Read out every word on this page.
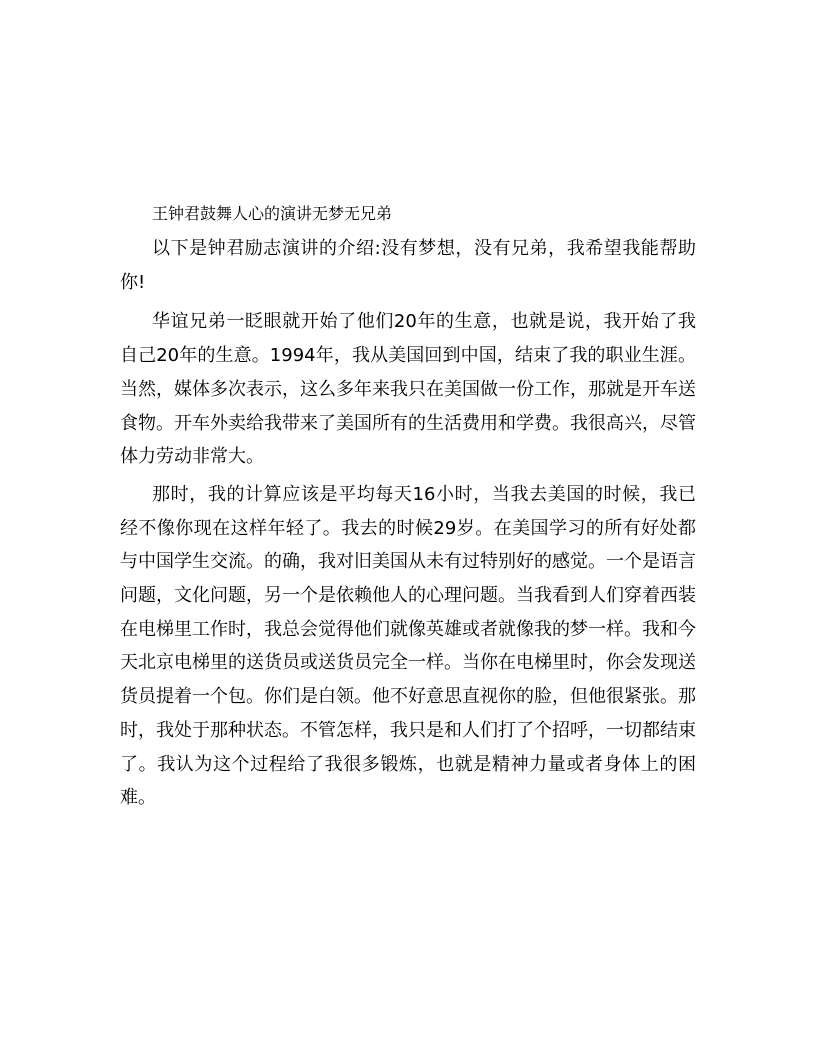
王钟君鼓舞人心的演讲无梦无兄弟

以下是钟君励志演讲的介绍:没有梦想，没有兄弟，我希望我能帮助你!

华谊兄弟一眨眼就开始了他们20年的生意，也就是说，我开始了我自己20年的生意。1994年，我从美国回到中国，结束了我的职业生涯。当然，媒体多次表示，这么多年来我只在美国做一份工作，那就是开车送食物。开车外卖给我带来了美国所有的生活费用和学费。我很高兴，尽管体力劳动非常大。

那时，我的计算应该是平均每天16小时，当我去美国的时候，我已经不像你现在这样年轻了。我去的时候29岁。在美国学习的所有好处都与中国学生交流。的确，我对旧美国从未有过特别好的感觉。一个是语言问题，文化问题，另一个是依赖他人的心理问题。当我看到人们穿着西装在电梯里工作时，我总会觉得他们就像英雄或者就像我的梦一样。我和今天北京电梯里的送货员或送货员完全一样。当你在电梯里时，你会发现送货员提着一个包。你们是白领。他不好意思直视你的脸，但他很紧张。那时，我处于那种状态。不管怎样，我只是和人们打了个招呼，一切都结束了。我认为这个过程给了我很多锻炼，也就是精神力量或者身体上的困难。
